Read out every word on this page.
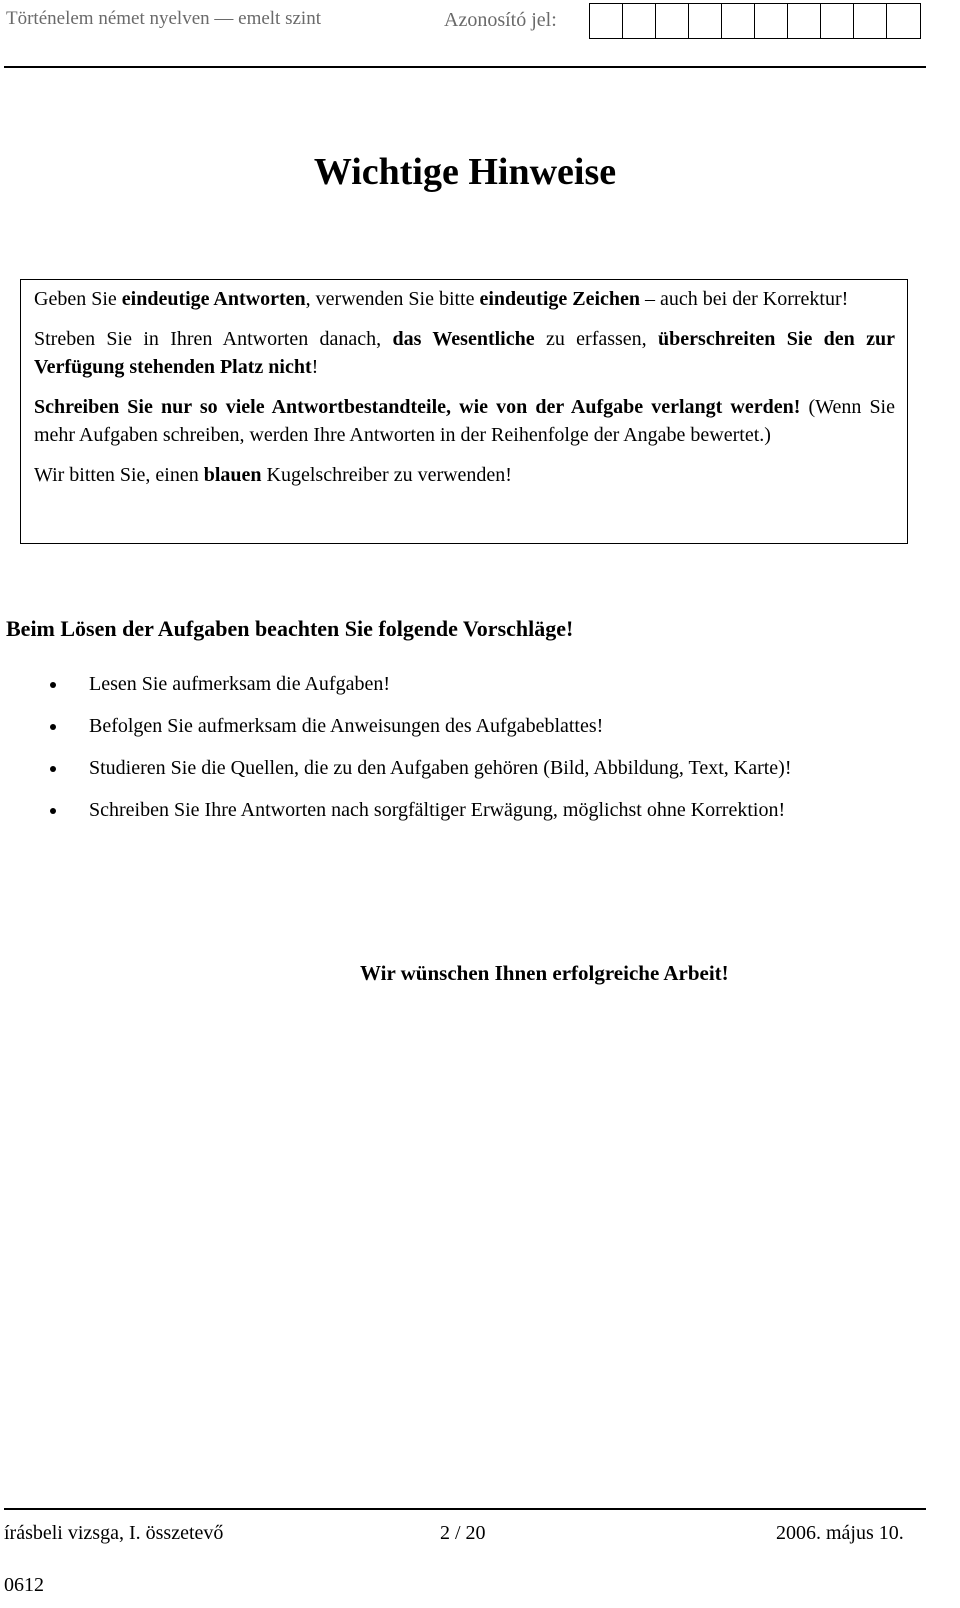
Történelem német nyelven — emelt szint	Azonosító jel:
Wichtige Hinweise

Geben Sie eindeutige Antworten, verwenden Sie bitte eindeutige Zeichen – auch bei der Korrektur!

Streben Sie in Ihren Antworten danach, das Wesentliche zu erfassen, überschreiten Sie den zur Verfügung stehenden Platz nicht!

Schreiben Sie nur so viele Antwortbestandteile, wie von der Aufgabe verlangt werden! (Wenn Sie mehr Aufgaben schreiben, werden Ihre Antworten in der Reihenfolge der Angabe bewertet.)

Wir bitten Sie, einen blauen Kugelschreiber zu verwenden!

Beim Lösen der Aufgaben beachten Sie folgende Vorschläge!
Lesen Sie aufmerksam die Aufgaben!
Befolgen Sie aufmerksam die Anweisungen des Aufgabeblattes!
Studieren Sie die Quellen, die zu den Aufgaben gehören (Bild, Abbildung, Text, Karte)!
Schreiben Sie Ihre Antworten nach sorgfältiger Erwägung, möglichst ohne Korrektion!
Wir wünschen Ihnen erfolgreiche Arbeit!
írásbeli vizsga, I. összetevő	2 / 20	2006. május 10.
0612
